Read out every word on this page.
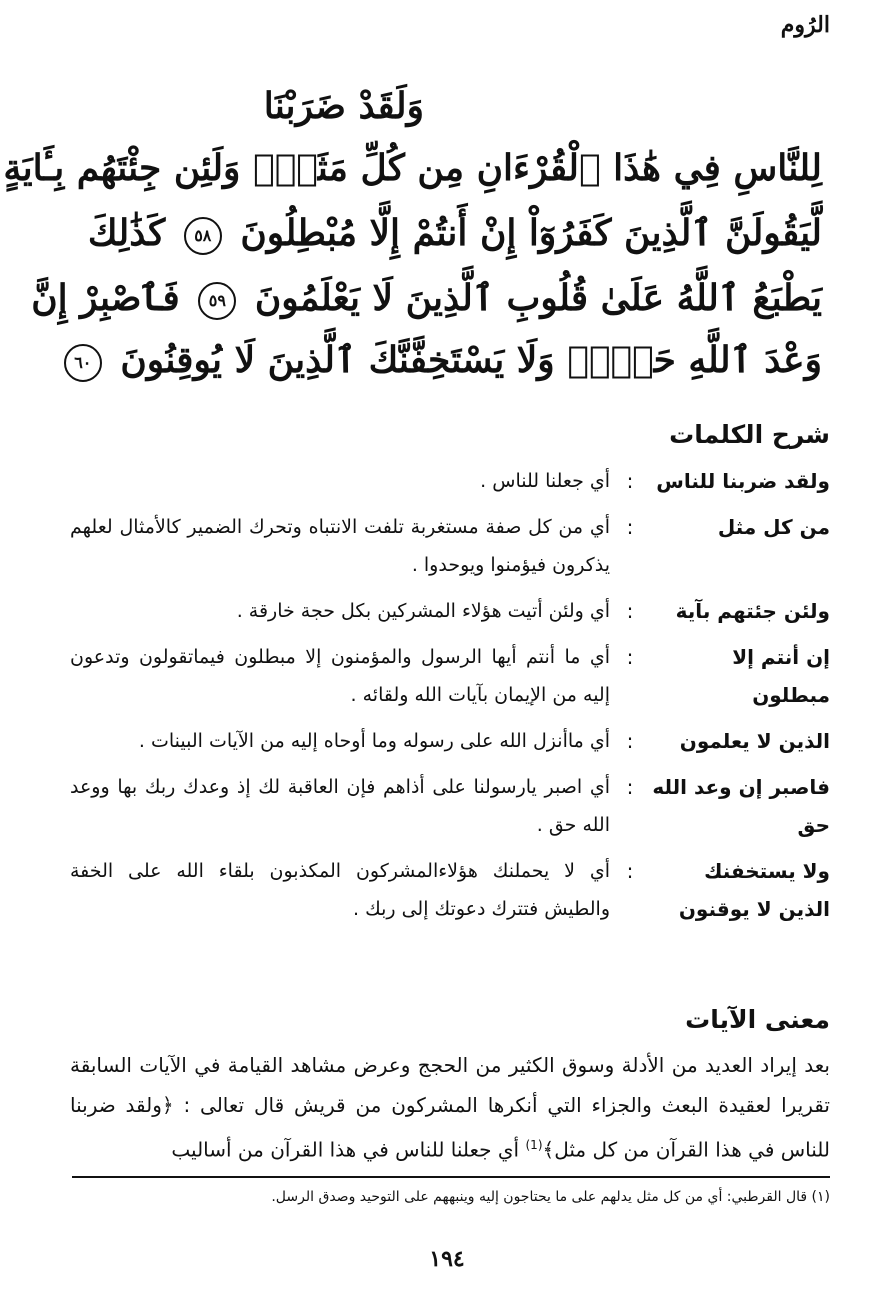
الرُوم
وَلَقَدْ ضَرَبْنَا
لِلنَّاسِ فِي هَٰذَا ٱلْقُرْءَانِ مِن كُلِّ مَثَلٍۚ وَلَئِن جِئْتَهُم بِـَٔايَةٍ
لَّيَقُولَنَّ ٱلَّذِينَ كَفَرُوٓاْ إِنْ أَنتُمْ إِلَّا مُبْطِلُونَ ٥٨ كَذَٰلِكَ
يَطْبَعُ ٱللَّهُ عَلَىٰ قُلُوبِ ٱلَّذِينَ لَا يَعْلَمُونَ ٥٩ فَٱصْبِرْ إِنَّ
وَعْدَ ٱللَّهِ حَقٌّۖ وَلَا يَسْتَخِفَّنَّكَ ٱلَّذِينَ لَا يُوقِنُونَ ٦٠
شرح الكلمات
ولقد ضربنا للناس
:
أي جعلنا للناس .
من كل مثل
:
أي من كل صفة مستغربة تلفت الانتباه وتحرك الضمير كالأمثال لعلهم يذكرون فيؤمنوا ويوحدوا .
ولئن جئتهم بآية
:
أي ولئن أتيت هؤلاء المشركين بكل حجة خارقة .
إن أنتم إلا مبطلون
:
أي ما أنتم أيها الرسول والمؤمنون إلا مبطلون فيماتقولون وتدعون إليه من الإيمان بآيات الله ولقائه .
الذين لا يعلمون
:
أي ماأنزل الله على رسوله وما أوحاه إليه من الآيات البينات .
فاصبر إن وعد الله حق
:
أي اصبر يارسولنا على أذاهم فإن العاقبة لك إذ وعدك ربك بها ووعد الله حق .
ولا يستخفنك الذين لا يوقنون
:
أي لا يحملنك هؤلاءالمشركون المكذبون بلقاء الله على الخفة والطيش فتترك دعوتك إلى ربك .
معنى الآيات
بعد إيراد العديد من الأدلة وسوق الكثير من الحجج وعرض مشاهد القيامة في الآيات السابقة تقريرا لعقيدة البعث والجزاء التي أنكرها المشركون من قريش قال تعالى : ﴿ولقد ضربنا للناس في هذا القرآن من كل مثل﴾$^{(1)}$ أي جعلنا للناس في هذا القرآن من أساليب
(١) قال القرطبي: أي من كل مثل يدلهم على ما يحتاجون إليه وينبههم على التوحيد وصدق الرسل.
١٩٤
